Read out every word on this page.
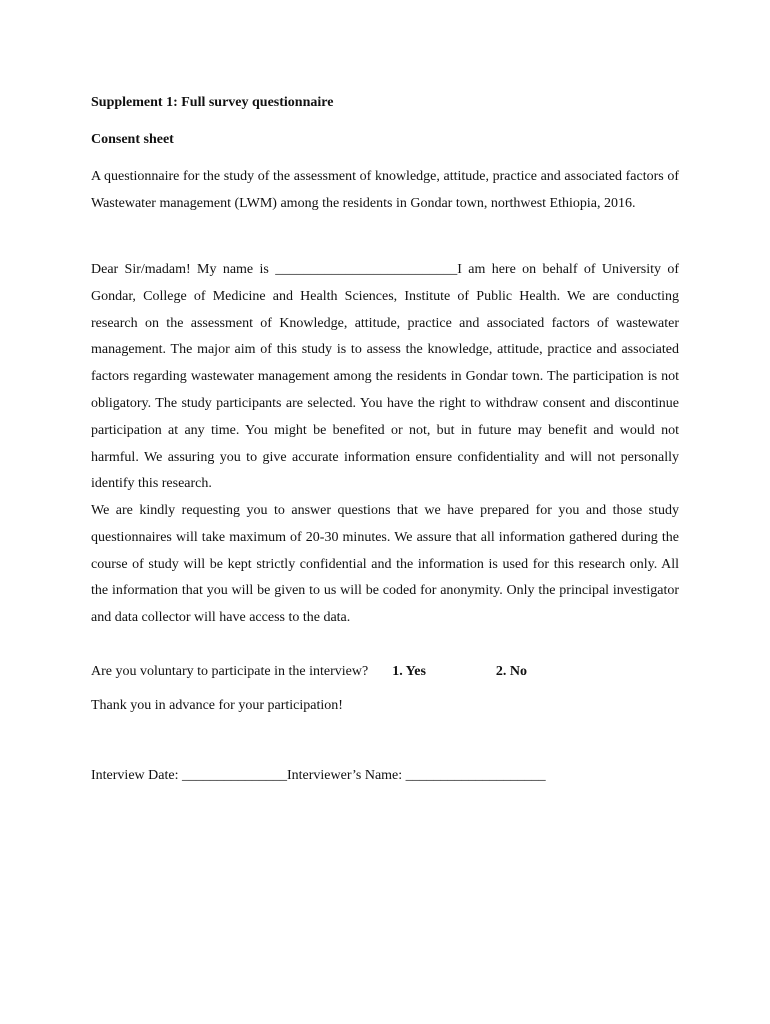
Supplement 1: Full survey questionnaire

Consent sheet

A questionnaire for the study of the assessment of knowledge, attitude, practice and associated factors of Wastewater management (LWM) among the residents in Gondar town, northwest Ethiopia, 2016.

Dear Sir/madam! My name is __________________________I am here on behalf of University of Gondar, College of Medicine and Health Sciences, Institute of Public Health. We are conducting research on the assessment of Knowledge, attitude, practice and associated factors of wastewater management. The major aim of this study is to assess the knowledge, attitude, practice and associated factors regarding wastewater management among the residents in Gondar town. The participation is not obligatory. The study participants are selected. You have the right to withdraw consent and discontinue participation at any time. You might be benefited or not, but in future may benefit and would not harmful. We assuring you to give accurate information ensure confidentiality and will not personally identify this research.

We are kindly requesting you to answer questions that we have prepared for you and those study questionnaires will take maximum of 20-30 minutes. We assure that all information gathered during the course of study will be kept strictly confidential and the information is used for this research only. All the information that you will be given to us will be coded for anonymity. Only the principal investigator and data collector will have access to the data.

Are you voluntary to participate in the interview? 1. Yes	2. No

Thank you in advance for your participation!

Interview Date: _______________Interviewer’s Name: ____________________
